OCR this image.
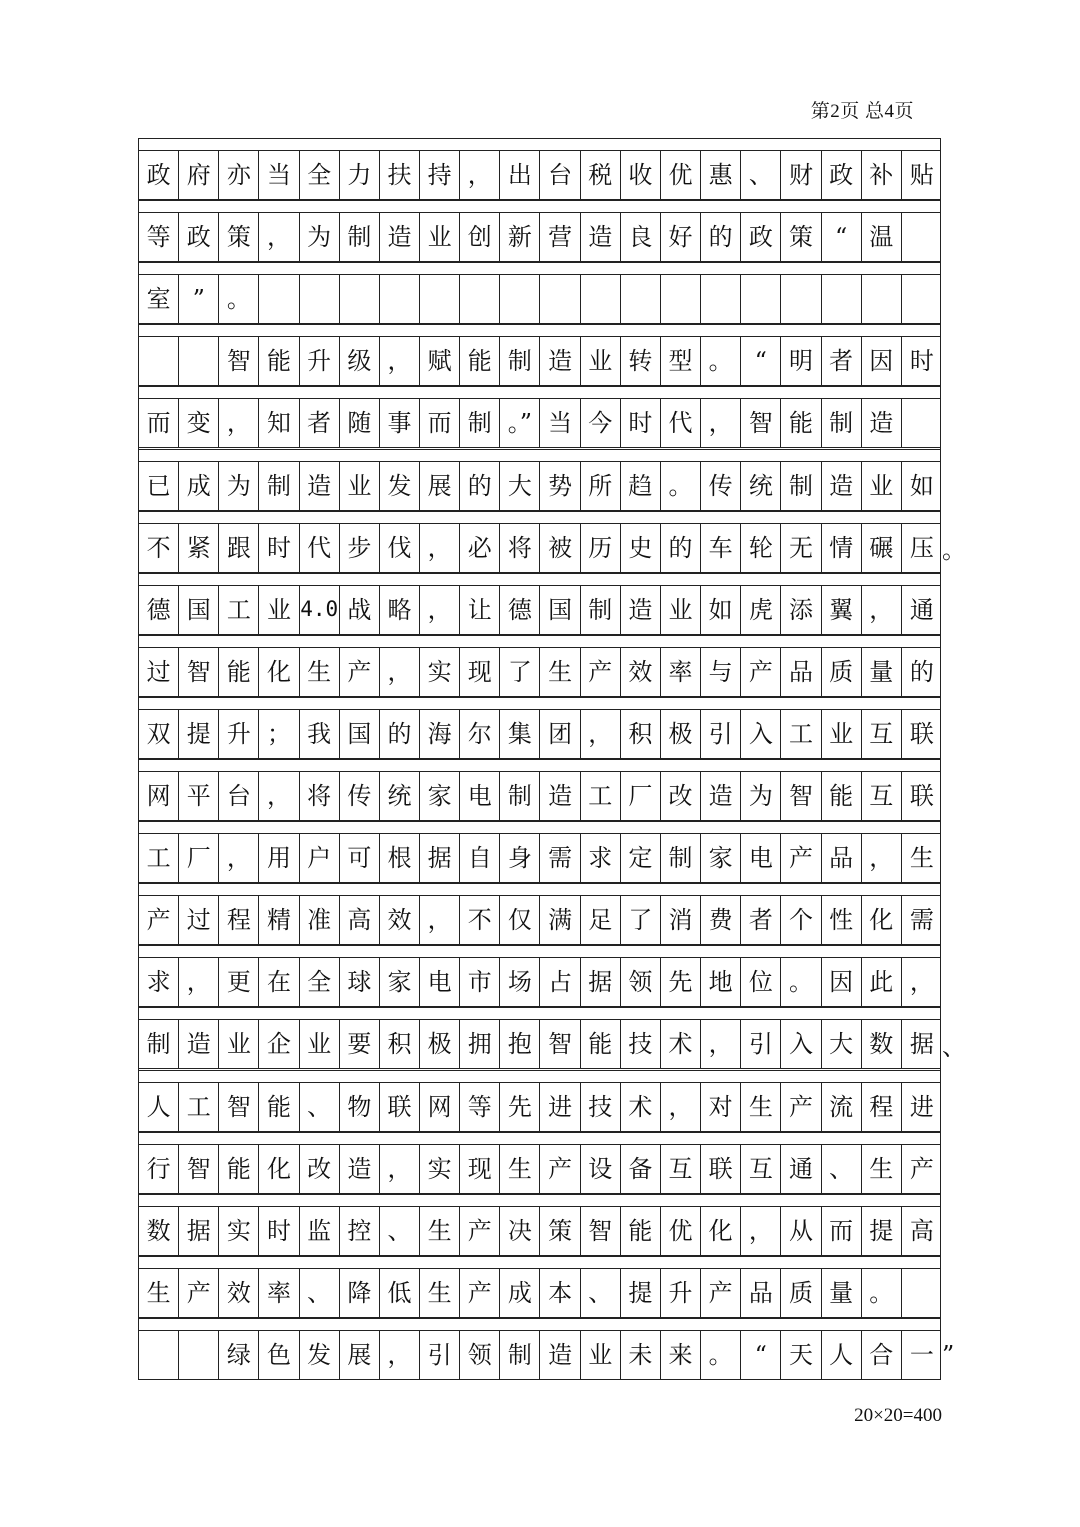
第2页 总4页
政 府 亦 当 全 力 扶 持 ， 出 台 税 收 优 惠 、 财 政 补 贴
等 政 策 ， 为 制 造 业 创 新 营 造 良 好 的 政 策 “ 温
室 ” 。
智 能 升 级 ， 赋 能 制 造 业 转 型 。 “ 明 者 因 时
而 变 ， 知 者 随 事 而 制 。” 当 今 时 代 ， 智 能 制 造
已 成 为 制 造 业 发 展 的 大 势 所 趋 。 传 统 制 造 业 如
不 紧 跟 时 代 步 伐 ， 必 将 被 历 史 的 车 轮 无 情 碾 压 。
德 国 工 业 4.0 战 略 ， 让 德 国 制 造 业 如 虎 添 翼 ， 通
过 智 能 化 生 产 ， 实 现 了 生 产 效 率 与 产 品 质 量 的
双 提 升 ； 我 国 的 海 尔 集 团 ， 积 极 引 入 工 业 互 联
网 平 台 ， 将 传 统 家 电 制 造 工 厂 改 造 为 智 能 互 联
工 厂 ， 用 户 可 根 据 自 身 需 求 定 制 家 电 产 品 ， 生
产 过 程 精 准 高 效 ， 不 仅 满 足 了 消 费 者 个 性 化 需
求 ， 更 在 全 球 家 电 市 场 占 据 领 先 地 位 。 因 此 ，
制 造 业 企 业 要 积 极 拥 抱 智 能 技 术 ， 引 入 大 数 据 、
人 工 智 能 、 物 联 网 等 先 进 技 术 ， 对 生 产 流 程 进
行 智 能 化 改 造 ， 实 现 生 产 设 备 互 联 互 通 、 生 产
数 据 实 时 监 控 、 生 产 决 策 智 能 优 化 ， 从 而 提 高
生 产 效 率 、 降 低 生 产 成 本 、 提 升 产 品 质 量 。
绿 色 发 展 ， 引 领 制 造 业 未 来 。 “ 天 人 合 一 ”
20×20=400
